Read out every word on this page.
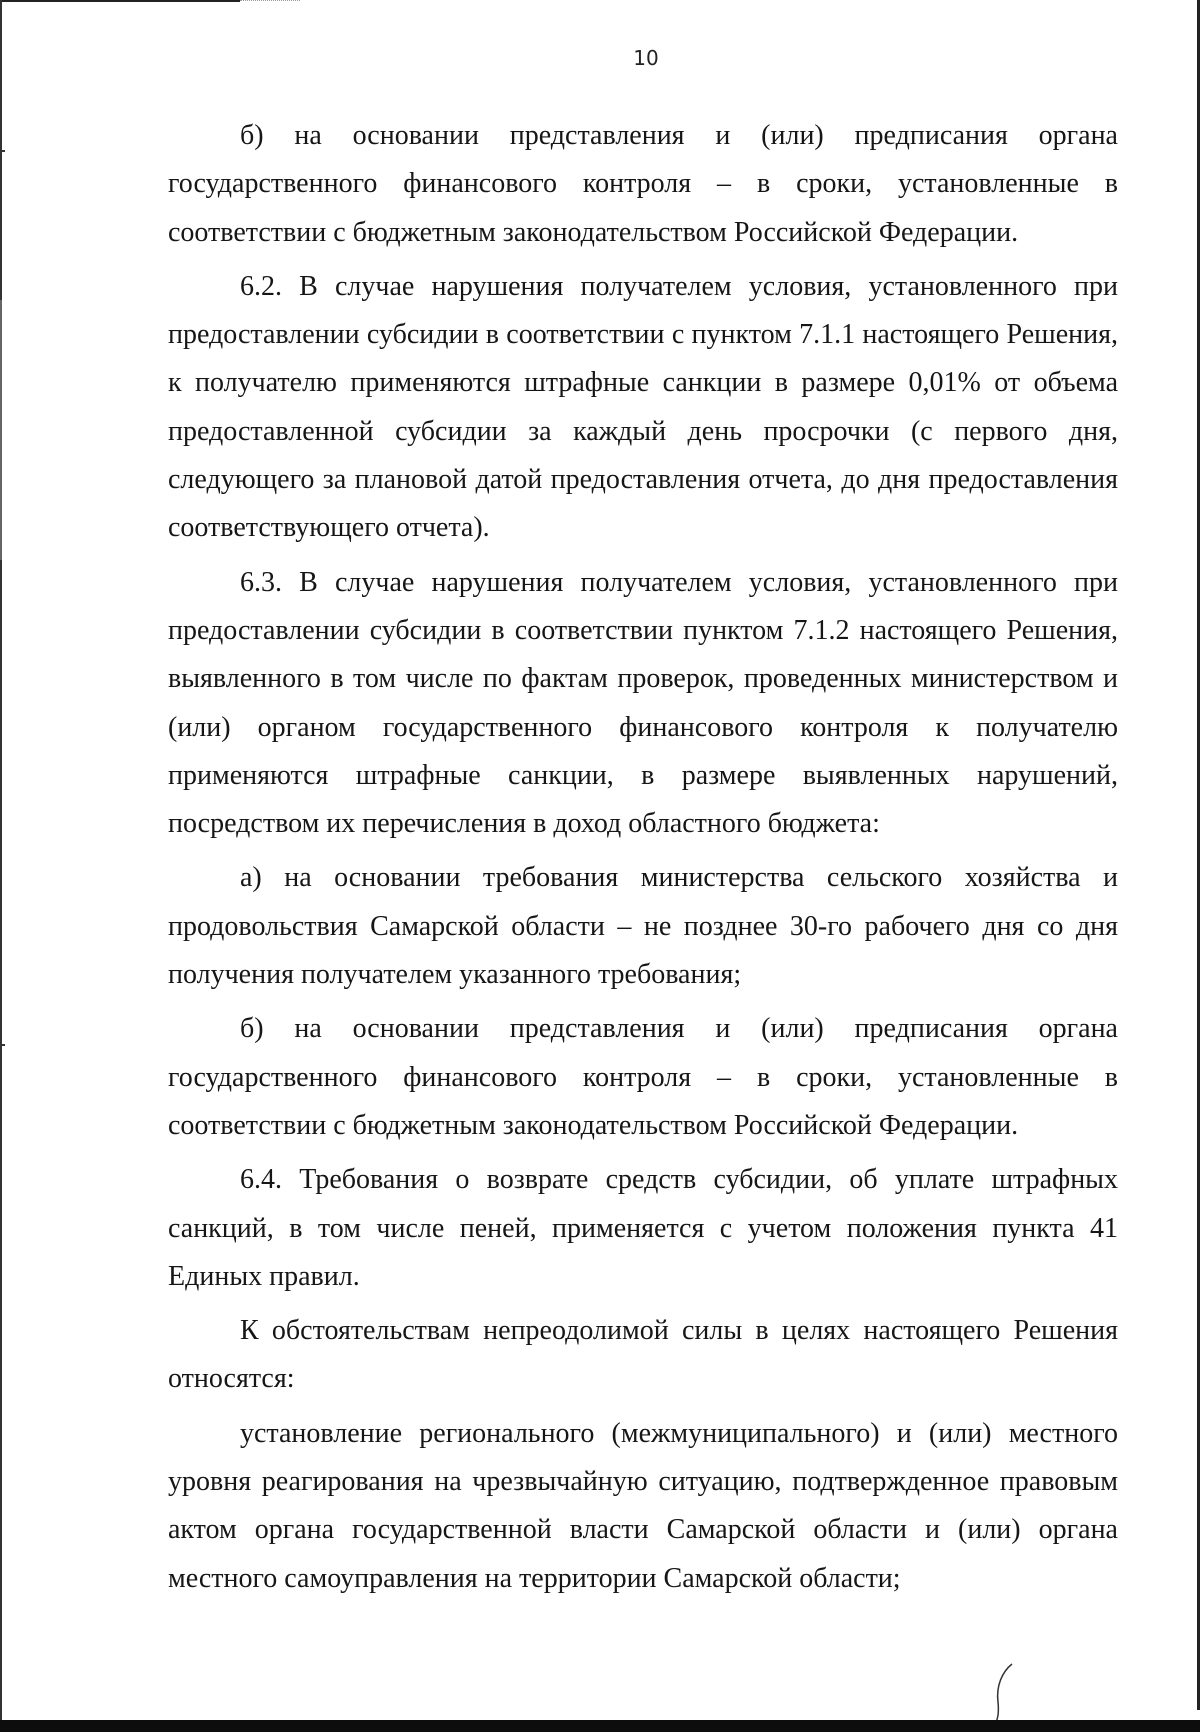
10

б) на основании представления и (или) предписания органа государственного финансового контроля – в сроки, установленные в соответствии с бюджетным законодательством Российской Федерации.

6.2. В случае нарушения получателем условия, установленного при предоставлении субсидии в соответствии с пунктом 7.1.1 настоящего Решения, к получателю применяются штрафные санкции в размере 0,01% от объема предоставленной субсидии за каждый день просрочки (с первого дня, следующего за плановой датой предоставления отчета, до дня предоставления соответствующего отчета).

6.3. В случае нарушения получателем условия, установленного при предоставлении субсидии в соответствии пунктом 7.1.2 настоящего Решения, выявленного в том числе по фактам проверок, проведенных министерством и (или) органом государственного финансового контроля к получателю применяются штрафные санкции, в размере выявленных нарушений, посредством их перечисления в доход областного бюджета:

а) на основании требования министерства сельского хозяйства и продовольствия Самарской области – не позднее 30-го рабочего дня со дня получения получателем указанного требования;

б) на основании представления и (или) предписания органа государственного финансового контроля – в сроки, установленные в соответствии с бюджетным законодательством Российской Федерации.

6.4. Требования о возврате средств субсидии, об уплате штрафных санкций, в том числе пеней, применяется с учетом положения пункта 41 Единых правил.

К обстоятельствам непреодолимой силы в целях настоящего Решения относятся:

установление регионального (межмуниципального) и (или) местного уровня реагирования на чрезвычайную ситуацию, подтвержденное правовым актом органа государственной власти Самарской области и (или) органа местного самоуправления на территории Самарской области;
